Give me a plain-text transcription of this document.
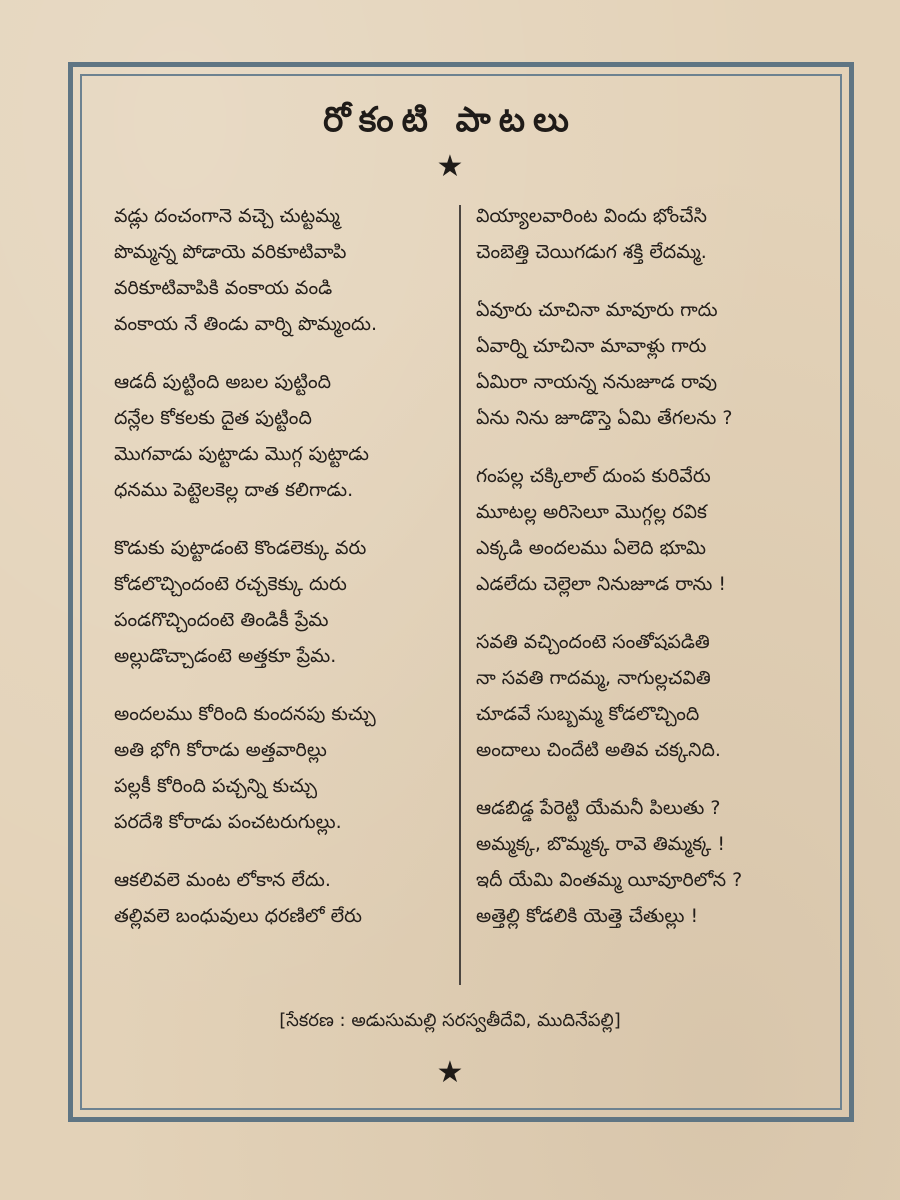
రోకంటి పాటలు
★
వడ్లు దంచంగానె వచ్చె చుట్టమ్మ
పొమ్మన్న పోడాయె వరికూటివాపి
వరికూటివాపికి వంకాయ వండి
వంకాయ నే తిండు వార్ని పొమ్మందు.
ఆడదీ పుట్టింది అబల పుట్టింది
దన్లేల కోకలకు దైత పుట్టింది
మొగవాడు పుట్టాడు మొగ్గ పుట్టాడు
ధనము పెట్టెలకెల్ల దాత కలిగాడు.
కొడుకు పుట్టాడంటె కొండలెక్కు వరు
కోడలొచ్చిందంటె రచ్చకెక్కు దురు
పండగొచ్చిందంటె తిండికీ ప్రేమ
అల్లుడొచ్చాడంటె అత్తకూ ప్రేమ.
అందలము కోరింది కుందనపు కుచ్చు
అతి భోగి కోరాడు అత్తవారిల్లు
పల్లకీ కోరింది పచ్చన్ని కుచ్చు
పరదేశి కోరాడు పంచటరుగుల్లు.
ఆకలివలె మంట లోకాన లేదు.
తల్లివలె బంధువులు ధరణిలో లేరు
వియ్యాలవారింట విందు భోంచేసి
చెంబెత్తి చెయిగడుగ శక్తి లేదమ్మ.
ఏవూరు చూచినా మావూరు గాదు
ఏవార్ని చూచినా మావాళ్లు గారు
ఏమిరా నాయన్న ననుజూడ రావు
ఏను నిను జూడొస్తె ఏమి తేగలను ?
గంపల్ల చక్కిలాల్ దుంప కురివేరు
మూటల్ల అరిసెలూ మొగ్గల్ల రవిక
ఎక్కడి అందలము ఏలెది భూమి
ఎడలేదు చెల్లెలా నినుజూడ రాను !
సవతి వచ్చిందంటె సంతోషపడితి
నా సవతి గాదమ్మ, నాగుల్లచవితి
చూడవే సుబ్బమ్మ కోడలొచ్చింది
అందాలు చిందేటి అతివ చక్కనిది.
ఆడబిడ్డ పేరెట్టి యేమనీ పిలుతు ?
అమ్మక్క, బొమ్మక్క రావె తిమ్మక్క !
ఇదీ యేమి వింతమ్మ యీవూరిలోన ?
అత్తెల్లి కోడలికి యెత్తె చేతుల్లు !
[సేకరణ : అడుసుమల్లి సరస్వతీదేవి, ముదినేపల్లి]
★
